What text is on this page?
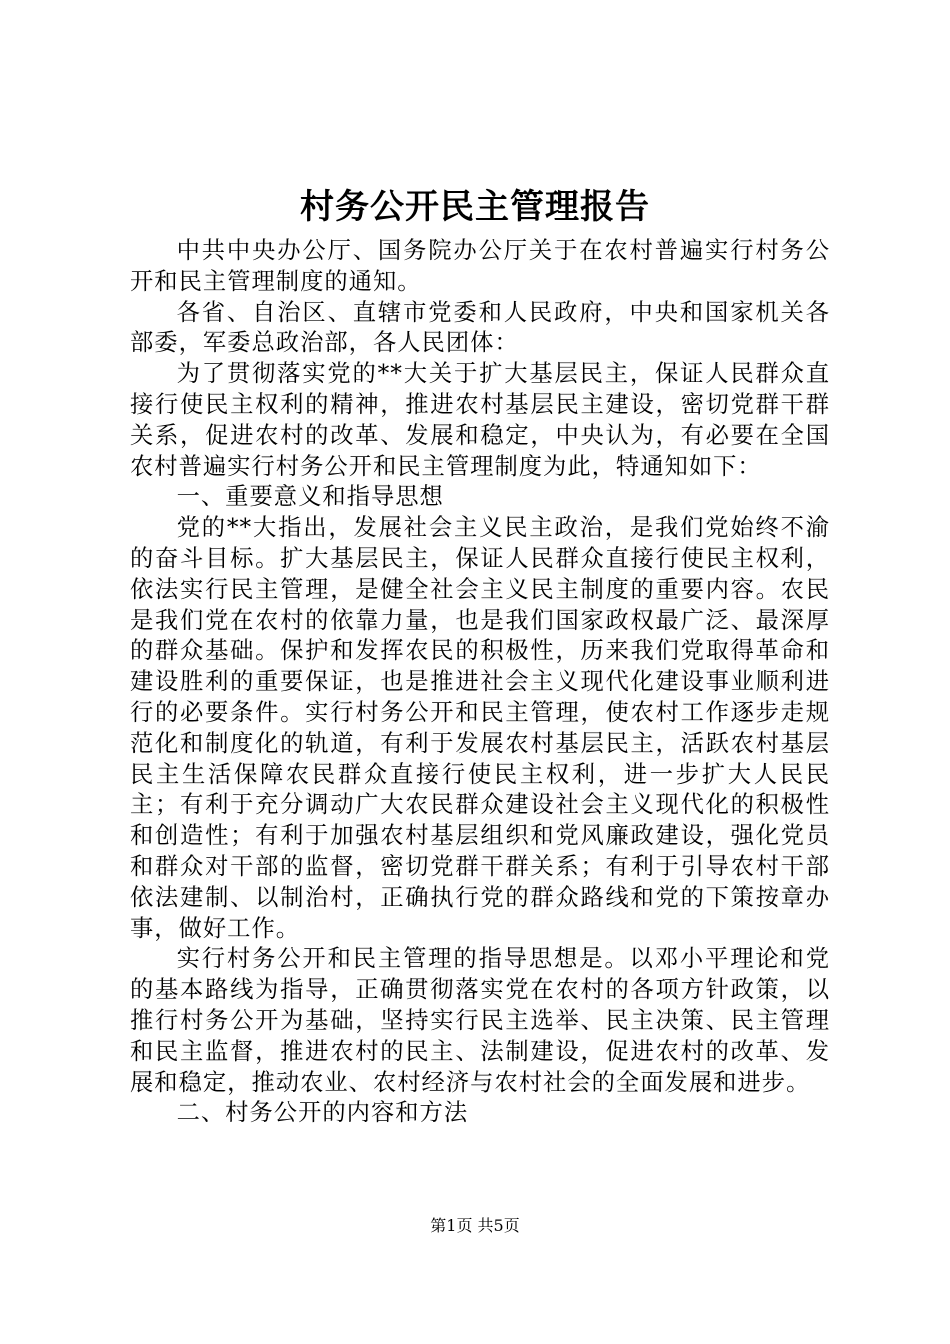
村务公开民主管理报告

中共中央办公厅、国务院办公厅关于在农村普遍实行村务公开和民主管理制度的通知。

各省、自治区、直辖市党委和人民政府，中央和国家机关各部委，军委总政治部，各人民团体：

为了贯彻落实党的**大关于扩大基层民主，保证人民群众直接行使民主权利的精神，推进农村基层民主建设，密切党群干群关系，促进农村的改革、发展和稳定，中央认为，有必要在全国农村普遍实行村务公开和民主管理制度为此，特通知如下：

一、重要意义和指导思想

党的**大指出，发展社会主义民主政治，是我们党始终不渝的奋斗目标。扩大基层民主，保证人民群众直接行使民主权利，依法实行民主管理，是健全社会主义民主制度的重要内容。农民是我们党在农村的依靠力量，也是我们国家政权最广泛、最深厚的群众基础。保护和发挥农民的积极性，历来我们党取得革命和建设胜利的重要保证，也是推进社会主义现代化建设事业顺利进行的必要条件。实行村务公开和民主管理，使农村工作逐步走规范化和制度化的轨道，有利于发展农村基层民主，活跃农村基层民主生活保障农民群众直接行使民主权利，进一步扩大人民民主；有利于充分调动广大农民群众建设社会主义现代化的积极性和创造性；有利于加强农村基层组织和党风廉政建设，强化党员和群众对干部的监督，密切党群干群关系；有利于引导农村干部依法建制、以制治村，正确执行党的群众路线和党的下策按章办事，做好工作。

实行村务公开和民主管理的指导思想是。以邓小平理论和党的基本路线为指导，正确贯彻落实党在农村的各项方针政策，以推行村务公开为基础，坚持实行民主选举、民主决策、民主管理和民主监督，推进农村的民主、法制建设，促进农村的改革、发展和稳定，推动农业、农村经济与农村社会的全面发展和进步。

二、村务公开的内容和方法

第1页 共5页
